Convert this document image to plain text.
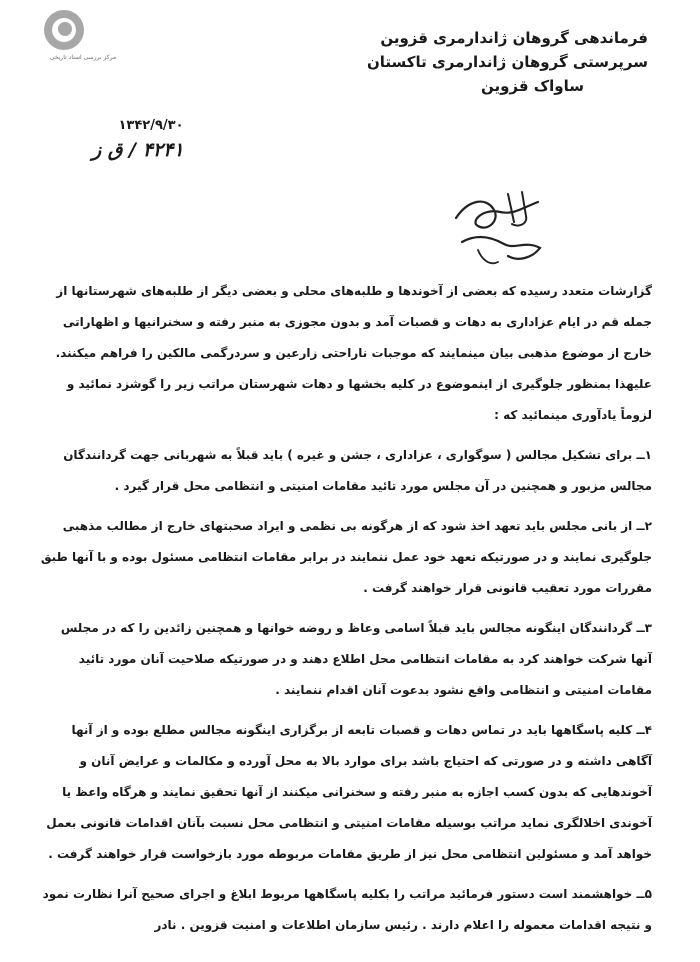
مرکز بررسی اسناد تاریخی
فرماندهی گروهان ژاندارمری قزوین
سرپرستی گروهان ژاندارمری تاکستان
ساواک قزوین
۱۳۴۲/۹/۳۰
۴۲۴۱ / ق ز

گزارشات متعدد رسیده که بعضی از آخوندها و طلبه‌های محلی و بعضی دیگر از طلبه‌های شهرستانها از جمله قم در ایام عزاداری به دهات و قصبات آمد و بدون مجوزی به منبر رفته و سخنرانیها و اظهاراتی خارج از موضوع مذهبی بیان مینمایند که موجبات ناراحتی زارعین و سردرگمی مالکین را فراهم میکنند. علیهذا بمنظور جلوگیری از اینموضوع در کلیه بخشها و دهات شهرستان مراتب زیر را گوشزد نمائید و لزوماً یادآوری مینمائید که :

۱ــ برای تشکیل مجالس ( سوگواری ، عزاداری ، جشن و غیره ) باید قبلاً به شهربانی جهت گردانندگان مجالس مزبور و همچنین در آن مجلس مورد تائید مقامات امنیتی و انتظامی محل قرار گیرد .

۲ــ از بانی مجلس باید تعهد اخذ شود که از هرگونه بی نظمی و ایراد صحبتهای خارج از مطالب مذهبی جلوگیری نمایند و در صورتیکه تعهد خود عمل ننمایند در برابر مقامات انتظامی مسئول بوده و با آنها طبق مقررات مورد تعقیب قانونی قرار خواهند گرفت .

۳ــ گردانندگان اینگونه مجالس باید قبلاً اسامی وعاظ و روضه خوانها و همچنین زائدین را که در مجلس آنها شرکت خواهند کرد به مقامات انتظامی محل اطلاع دهند و در صورتیکه صلاحیت آنان مورد تائید مقامات امنیتی و انتظامی واقع نشود بدعوت آنان اقدام ننمایند .

۴ــ کلیه پاسگاهها باید در تماس دهات و قصبات تابعه از برگزاری اینگونه مجالس مطلع بوده و از آنها آگاهی داشته و در صورتی که احتیاج باشد برای موارد بالا به محل آورده و مکالمات و عرایض آنان و آخوندهایی که بدون کسب اجازه به منبر رفته و سخنرانی میکنند از آنها تحقیق نمایند و هرگاه واعظ یا آخوندی اخلالگری نماید مراتب بوسیله مقامات امنیتی و انتظامی محل نسبت بآنان اقدامات قانونی بعمل خواهد آمد و مسئولین انتظامی محل نیز از طریق مقامات مربوطه مورد بازخواست قرار خواهند گرفت .

۵ــ خواهشمند است دستور فرمائید مراتب را بکلیه پاسگاهها مربوط ابلاغ و اجرای صحیح آنرا نظارت نمود و نتیجه اقدامات معموله را اعلام دارند . رئیس سازمان اطلاعات و امنیت قزوین . نادر
